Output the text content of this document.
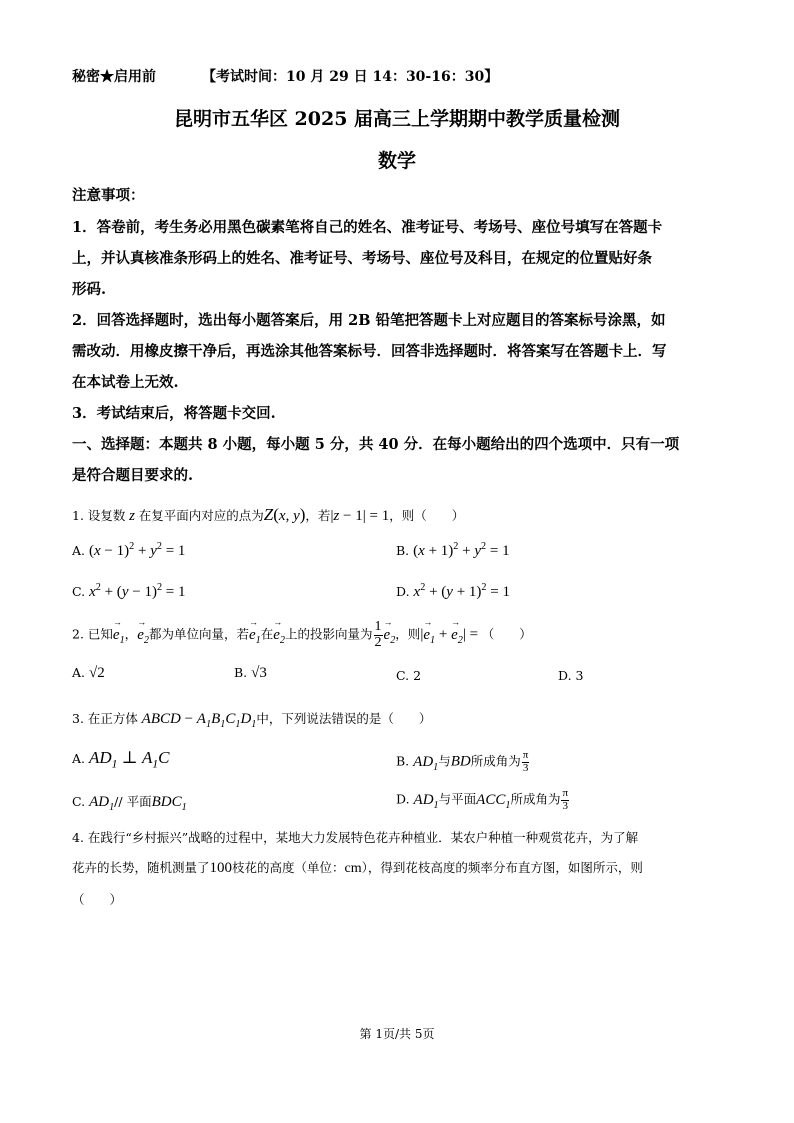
秘密★启用前	【考试时间：10 月 29 日 14：30-16：30】
昆明市五华区 2025 届高三上学期期中教学质量检测
数学
注意事项：
1．答卷前，考生务必用黑色碳素笔将自己的姓名、准考证号、考场号、座位号填写在答题卡
上，并认真核准条形码上的姓名、准考证号、考场号、座位号及科目，在规定的位置贴好条
形码.
2．回答选择题时，选出每小题答案后，用 2B 铅笔把答题卡上对应题目的答案标号涂黑，如
需改动．用橡皮擦干净后，再选涂其他答案标号．回答非选择题时．将答案写在答题卡上．写
在本试卷上无效.
3．考试结束后，将答题卡交回.
一、选择题：本题共 8 小题，每小题 5 分，共 40 分．在每小题给出的四个选项中．只有一项
是符合题目要求的.
1. 设复数 z 在复平面内对应的点为Z(x, y)，若|z − 1| = 1，则（　　）
A. $(x - 1)^2 + y^2 = 1$	B. $(x + 1)^2 + y^2 = 1$
C. $x^2 + (y - 1)^2 = 1$	D. $x^2 + (y + 1)^2 = 1$
2. 已知→ $e_1$，→ $e_2$都为单位向量，若→ $e_1$在→ $e_2$上的投影向量为 $\frac{1}{2}$
→ $e_2$，则|→ $e_1$ + → $e_2|$ = （　　）
A. √2	B. √3	C. 2	D. 3
3. 在正方体 ABCD − $A_1B_1C_1D_1$中，下列说法错误的是（　　）
A. $AD_1$ ⊥ $A_1C$	B. $AD_1$与BD所成角为 $\frac{\pi}{3}$
C. $AD_1//$ 平面$BDC_1$
D. $AD_1$与平面$ACC_1$所成角为 $\frac{\pi}{3}$
4. 在践行“乡村振兴”战略的过程中，某地大力发展特色花卉种植业．某农户种植一种观赏花卉，为了解
花卉的长势，随机测量了100枝花的高度（单位：cm），得到花枝高度的频率分布直方图，如图所示，则
（　　）
第 1页/共 5页
